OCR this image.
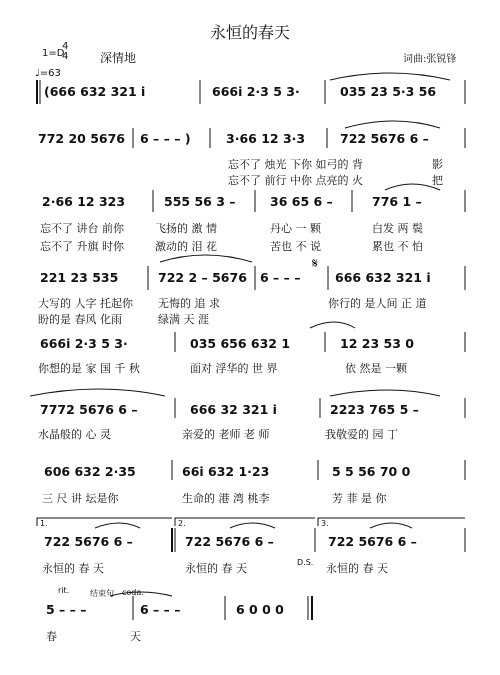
永恒的春天
1=D
4
4	深情地
♩=63
词曲:张锐锋
(666 632 321 i	666i 2·3 5 3·	035 23 5·3 56
772 20 5676 6 – – – )	3·66 12 3·3	722 5676 6 –
忘不了 烛光 下你 如弓的 背	影
忘不了 前行 中你 点亮的 火	把
2·66 12 323	555 56 3 –	36 65 6 –	776 1 –
忘不了 讲台 前你	飞扬的 激 情	丹心 一 颗	白发 两 鬓
忘不了 升旗 时你	激动的 泪 花	苦也 不 说	累也 不 怕
221 23 535	722 2 – 5676 6 – – –
𝄋
666 632 321 i
大写的 人字 托起你 无悔的 追 求	你行的 是人间 正 道
盼的是 春风 化雨	绿满 天 涯
666i 2·3 5 3·	035 656 632 1	12 23 53 0
你想的是 家 国 千 秋	面对 浮华的 世 界	依 然是 一颗
7772 5676 6 –	666 32 321 i	2223 765 5 –
水晶般的 心 灵	亲爱的 老师 老 师	我敬爱的 园 丁
606 632 2·35	66i 632 1·23	5 5 56 70 0
三 尺 讲 坛是你	生命的 港 湾 桃李	芳 菲 是 你
1.	2.	3.
722 5676 6 –	722 5676 6 –	722 5676 6 –
D.S.
永恒的 春 天	永恒的 春 天	永恒的 春 天
rit.	结束句 coda.
5 – – –	6 – – –	6 0 0 0
春	天
